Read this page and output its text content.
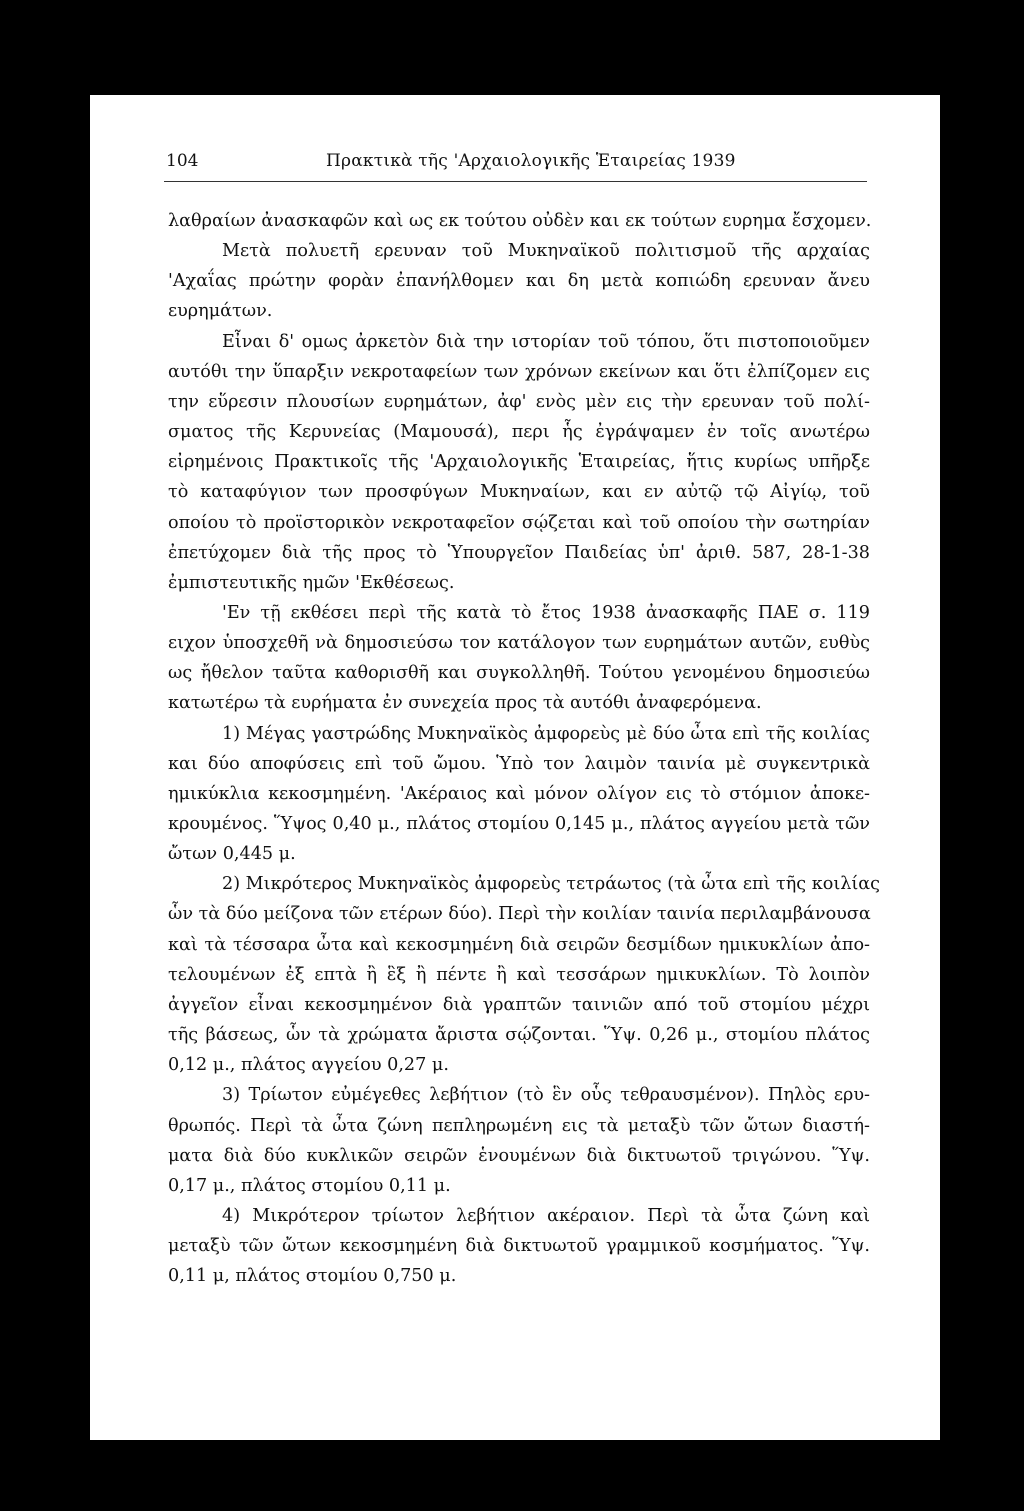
104	Πρακτικὰ τῆς 'Αρχαιολογικῆς Ἑταιρείας 1939
λαθραίων ἀνασκαφῶν καὶ ως εκ τούτου οὐδὲν και εκ τούτων ευρημα ἔσχομεν.
Μετὰ πολυετῆ ερευναν τοῦ Μυκηναϊκοῦ πολιτισμοῦ τῆς αρχαίας
'Αχαΐας πρώτην φορὰν ἐπανήλθομεν και δη μετὰ κοπιώδη ερευναν ἄνευ
ευρημάτων.
Εἶναι δ' ομως ἀρκετὸν διὰ την ιστορίαν τοῦ τόπου, ὅτι πιστοποιοῦμεν
αυτόθι την ὕπαρξιν νεκροταφείων των χρόνων εκείνων και ὅτι ἐλπίζομεν εις
την εὕρεσιν πλουσίων ευρημάτων, ἀφ' ενὸς μὲν εις τὴν ερευναν τοῦ πολί-
σματος τῆς Κερυνείας (Μαμουσά), περι ἧς ἐγράψαμεν ἐν τοῖς ανωτέρω
εἰρημένοις Πρακτικοῖς τῆς 'Αρχαιολογικῆς Ἑταιρείας, ἥτις κυρίως υπῆρξε
τὸ καταφύγιον των προσφύγων Μυκηναίων, και εν αὐτῷ τῷ Αἰγίῳ, τοῦ
οποίου τὸ προϊστορικὸν νεκροταφεῖον σῴζεται καὶ τοῦ οποίου τὴν σωτηρίαν
ἐπετύχομεν διὰ τῆς προς τὸ Ὑπουργεῖον Παιδείας ὑπ' ἀριθ. 587, 28-1-38
ἐμπιστευτικῆς ημῶν 'Εκθέσεως.
'Εν τῇ εκθέσει περὶ τῆς κατὰ τὸ ἔτος 1938 ἀνασκαφῆς ΠΑΕ σ. 119
ειχον ὑποσχεθῆ νὰ δημοσιεύσω τον κατάλογον των ευρημάτων αυτῶν, ευθὺς
ως ἤθελον ταῦτα καθορισθῆ και συγκολληθῆ. Τούτου γενομένου δημοσιεύω
κατωτέρω τὰ ευρήματα ἐν συνεχεία προς τὰ αυτόθι ἀναφερόμενα.
1) Μέγας γαστρώδης Μυκηναϊκὸς ἀμφορεὺς μὲ δύο ὦτα επὶ τῆς κοιλίας
και δύο αποφύσεις επὶ τοῦ ὤμου. Ὑπὸ τον λαιμὸν ταινία μὲ συγκεντρικὰ
ημικύκλια κεκοσμημένη. 'Ακέραιος καὶ μόνον ολίγον εις τὸ στόμιον ἀποκε-
κρουμένος. Ὕψος 0,40 μ., πλάτος στομίου 0,145 μ., πλάτος αγγείου μετὰ τῶν
ὤτων 0,445 μ.
2) Μικρότερος Μυκηναϊκὸς ἀμφορεὺς τετράωτος (τὰ ὦτα επὶ τῆς κοιλίας
ὧν τὰ δύο μείζονα τῶν ετέρων δύο). Περὶ τὴν κοιλίαν ταινία περιλαμβάνουσα
καὶ τὰ τέσσαρα ὦτα καὶ κεκοσμημένη διὰ σειρῶν δεσμίδων ημικυκλίων ἀπο-
τελουμένων ἐξ επτὰ ἢ ἓξ ἢ πέντε ἢ καὶ τεσσάρων ημικυκλίων. Τὸ λοιπὸν
ἀγγεῖον εἶναι κεκοσμημένον διὰ γραπτῶν ταινιῶν από τοῦ στομίου μέχρι
τῆς βάσεως, ὧν τὰ χρώματα ἄριστα σῴζονται. Ὕψ. 0,26 μ., στομίου πλάτος
0,12 μ., πλάτος αγγείου 0,27 μ.
3) Τρίωτον εὐμέγεθες λεβήτιον (τὸ ἓν οὗς τεθραυσμένον). Πηλὸς ερυ-
θρωπός. Περὶ τὰ ὦτα ζώνη πεπληρωμένη εις τὰ μεταξὺ τῶν ὤτων διαστή-
ματα διὰ δύο κυκλικῶν σειρῶν ἑνουμένων διὰ δικτυωτοῦ τριγώνου. Ὕψ.
0,17 μ., πλάτος στομίου 0,11 μ.
4) Μικρότερον τρίωτον λεβήτιον ακέραιον. Περὶ τὰ ὦτα ζώνη καὶ
μεταξὺ τῶν ὤτων κεκοσμημένη διὰ δικτυωτοῦ γραμμικοῦ κοσμήματος. Ὕψ.
0,11 μ, πλάτος στομίου 0,750 μ.
